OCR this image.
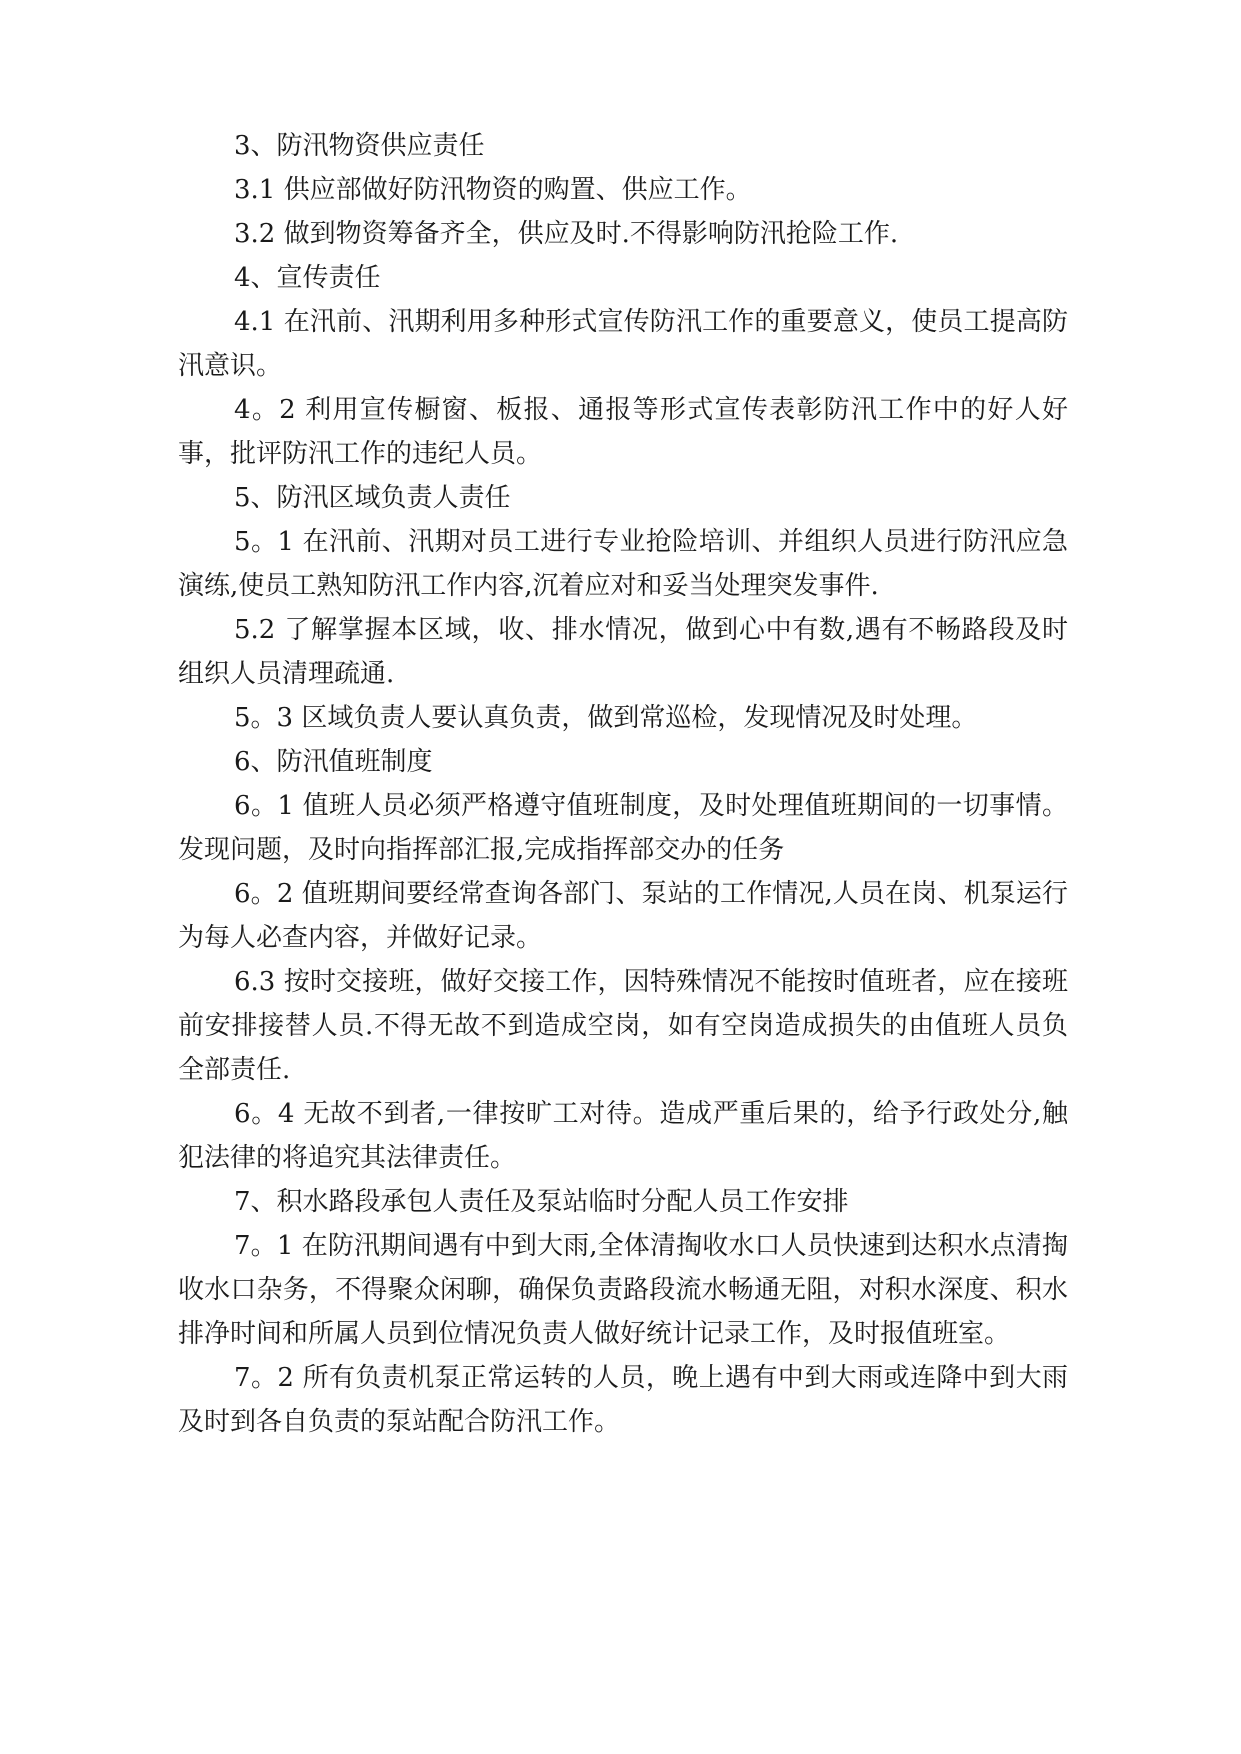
3、防汛物资供应责任

3.1 供应部做好防汛物资的购置、供应工作。

3.2 做到物资筹备齐全，供应及时.不得影响防汛抢险工作.

4、宣传责任

4.1 在汛前、汛期利用多种形式宣传防汛工作的重要意义，使员工提高防汛意识。

4。2 利用宣传橱窗、板报、通报等形式宣传表彰防汛工作中的好人好事，批评防汛工作的违纪人员。

5、防汛区域负责人责任

5。1 在汛前、汛期对员工进行专业抢险培训、并组织人员进行防汛应急演练,使员工熟知防汛工作内容,沉着应对和妥当处理突发事件.

5.2 了解掌握本区域，收、排水情况，做到心中有数,遇有不畅路段及时组织人员清理疏通.

5。3 区域负责人要认真负责，做到常巡检，发现情况及时处理。

6、防汛值班制度

6。1 值班人员必须严格遵守值班制度，及时处理值班期间的一切事情。发现问题，及时向指挥部汇报,完成指挥部交办的任务

6。2 值班期间要经常查询各部门、泵站的工作情况,人员在岗、机泵运行为每人必查内容，并做好记录。

6.3 按时交接班，做好交接工作，因特殊情况不能按时值班者，应在接班前安排接替人员.不得无故不到造成空岗，如有空岗造成损失的由值班人员负全部责任.

6。4 无故不到者,一律按旷工对待。造成严重后果的，给予行政处分,触犯法律的将追究其法律责任。

7、积水路段承包人责任及泵站临时分配人员工作安排

7。1 在防汛期间遇有中到大雨,全体清掏收水口人员快速到达积水点清掏收水口杂务，不得聚众闲聊，确保负责路段流水畅通无阻，对积水深度、积水排净时间和所属人员到位情况负责人做好统计记录工作，及时报值班室。

7。2 所有负责机泵正常运转的人员，晚上遇有中到大雨或连降中到大雨及时到各自负责的泵站配合防汛工作。
